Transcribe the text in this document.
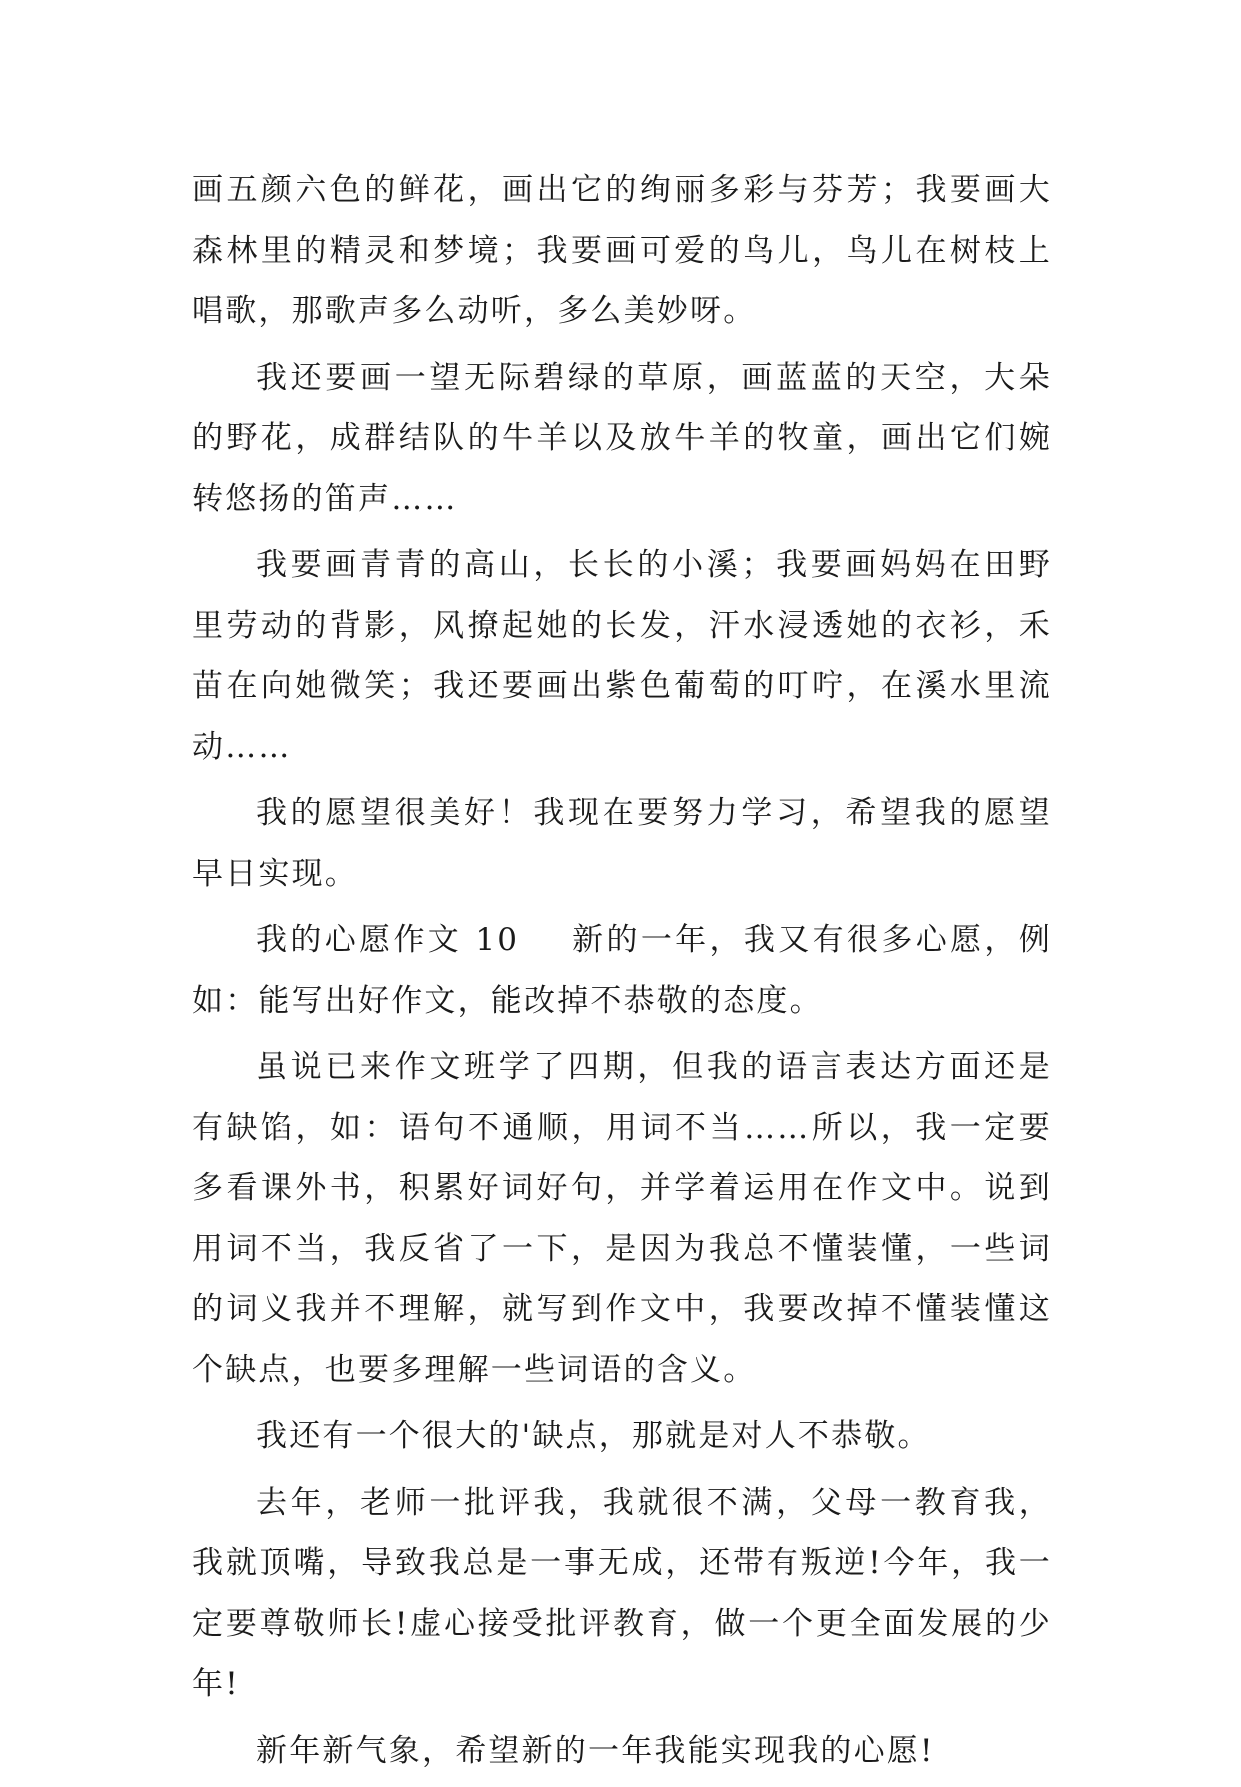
画五颜六色的鲜花，画出它的绚丽多彩与芬芳；我要画大森林里的精灵和梦境；我要画可爱的鸟儿，鸟儿在树枝上唱歌，那歌声多么动听，多么美妙呀。

我还要画一望无际碧绿的草原，画蓝蓝的天空，大朵的野花，成群结队的牛羊以及放牛羊的牧童，画出它们婉转悠扬的笛声……

我要画青青的高山，长长的小溪；我要画妈妈在田野里劳动的背影，风撩起她的长发，汗水浸透她的衣衫，禾苗在向她微笑；我还要画出紫色葡萄的叮咛，在溪水里流动……

我的愿望很美好！我现在要努力学习，希望我的愿望早日实现。

我的心愿作文 10    新的一年，我又有很多心愿，例如：能写出好作文，能改掉不恭敬的态度。

虽说已来作文班学了四期，但我的语言表达方面还是有缺馅，如：语句不通顺，用词不当……所以，我一定要多看课外书，积累好词好句，并学着运用在作文中。说到用词不当，我反省了一下，是因为我总不懂装懂，一些词的词义我并不理解，就写到作文中，我要改掉不懂装懂这个缺点，也要多理解一些词语的含义。

我还有一个很大的'缺点，那就是对人不恭敬。

去年，老师一批评我，我就很不满，父母一教育我，我就顶嘴，导致我总是一事无成，还带有叛逆!今年，我一定要尊敬师长!虚心接受批评教育，做一个更全面发展的少年!

新年新气象，希望新的一年我能实现我的心愿!
